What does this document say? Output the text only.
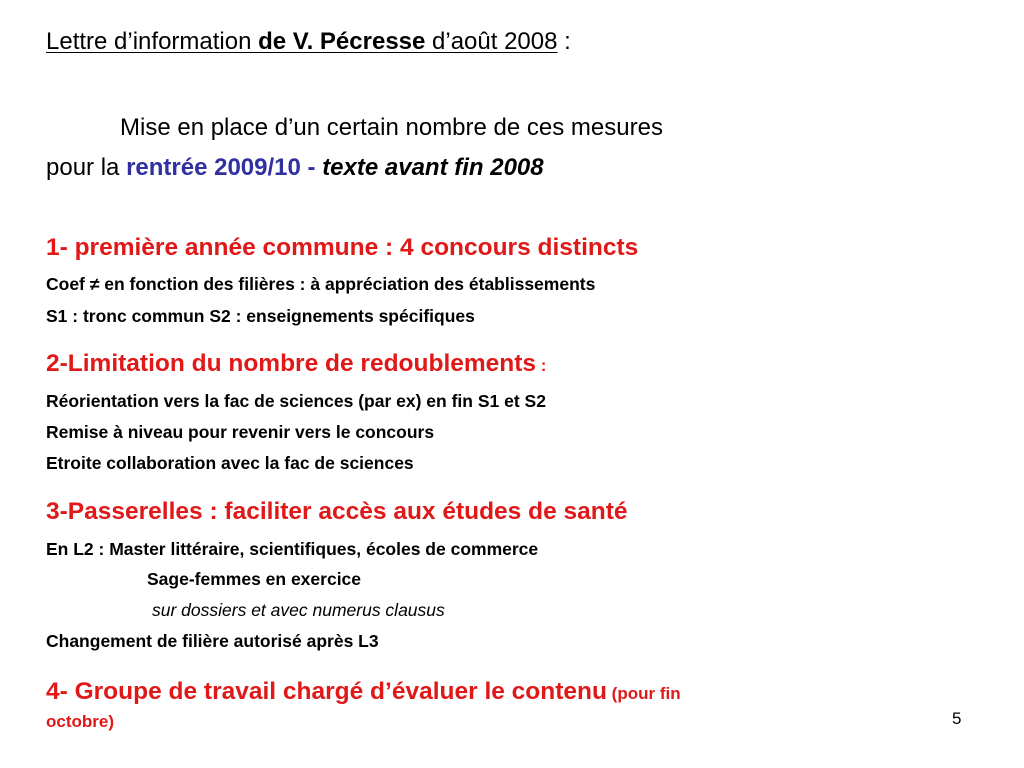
Lettre d’information de V. Pécresse d’août 2008 :
Mise en place d’un certain nombre de ces mesures
pour la rentrée 2009/10 - texte avant fin 2008
1- première année commune : 4 concours distincts
Coef ≠ en fonction des filières : à appréciation des établissements
S1 : tronc commun S2 : enseignements spécifiques
2-Limitation du nombre de redoublements :
Réorientation vers la fac de sciences (par ex) en fin S1 et S2
Remise à niveau pour revenir vers le concours
Etroite collaboration avec la fac de sciences
3-Passerelles : faciliter accès aux études de santé
En L2 : Master littéraire, scientifiques, écoles de commerce
Sage-femmes en exercice
sur dossiers et avec numerus clausus
Changement de filière autorisé après L3
4- Groupe de travail chargé d’évaluer le contenu (pour fin
octobre)	5
